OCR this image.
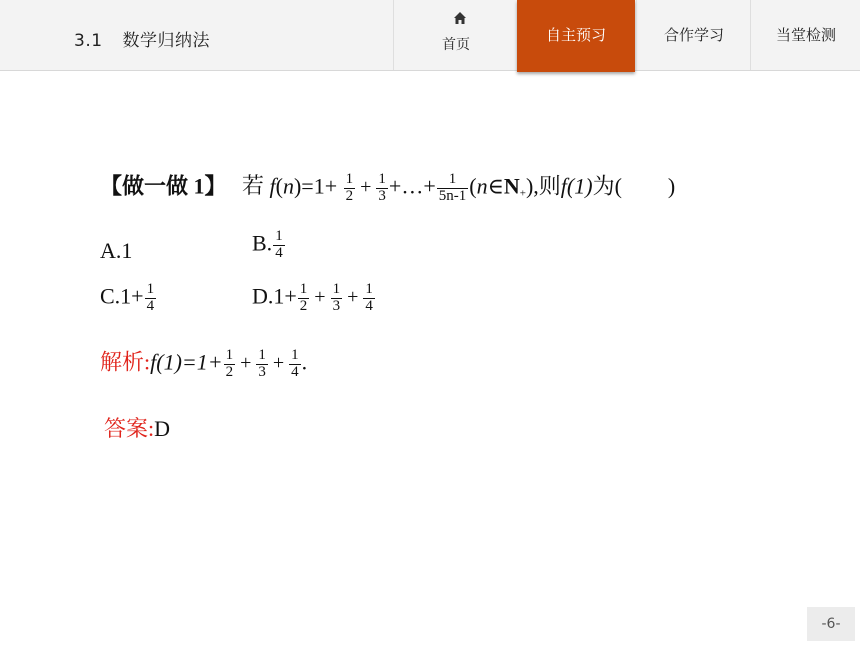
3.1 数学归纳法	首页
自主预习	合作学习	当堂检测
【做一做 1】 若 $f(n)=1+ \frac{1}{2} + \frac{1}{3}$ +…+ $\frac{1}{5n-1}$ $(n\in N_+)$,则f(1)为( )
A.1	B. $\frac{1}{4}$
$C.1+ \frac{1}{4}$	$D.1+ \frac{1}{2} + \frac{1}{3} + \frac{1}{4}$
解析:f(1)=1+ $\frac{1}{2} + \frac{1}{3} + \frac{1}{4}$ .
答案:D
-6-
